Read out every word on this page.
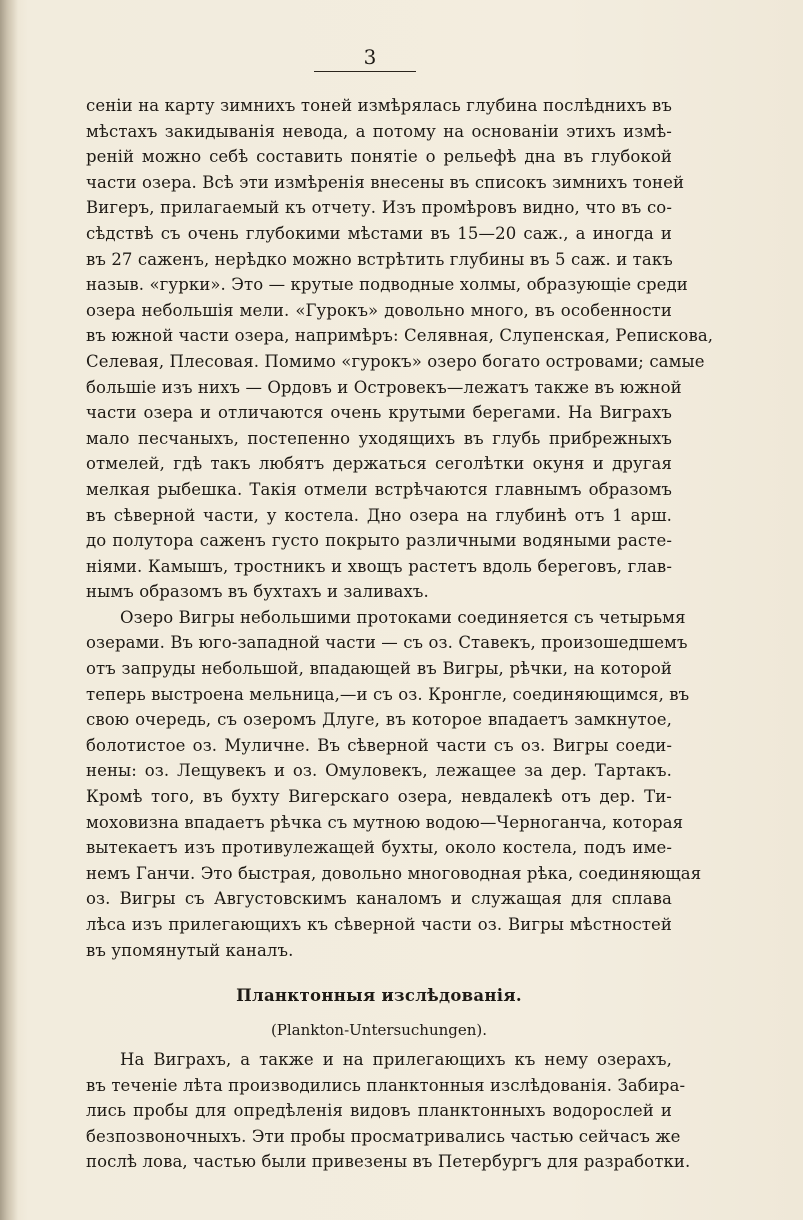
3
сеніи на карту зимнихъ тоней измѣрялась глубина послѣднихъ въ
мѣстахъ закидыванія невода, а потому на основаніи этихъ измѣ-
реній можно себѣ составить понятіе о рельефѣ дна въ глубокой
части озера. Всѣ эти измѣренія внесены въ списокъ зимнихъ тоней
Вигеръ, прилагаемый къ отчету. Изъ промѣровъ видно, что въ со-
сѣдствѣ съ очень глубокими мѣстами въ 15—20 саж., а иногда и
въ 27 саженъ, нерѣдко можно встрѣтить глубины въ 5 саж. и такъ
назыв. «гурки». Это — крутые подводные холмы, образующіе среди
озера небольшія мели. «Гурокъ» довольно много, въ особенности
въ южной части озера, напримѣръ: Селявная, Слупенская, Репискова,
Селевая, Плесовая. Помимо «гурокъ» озеро богато островами; самые
большіе изъ нихъ — Ордовъ и Островекъ—лежатъ также въ южной
части озера и отличаются очень крутыми берегами. На Виграхъ
мало песчаныхъ, постепенно уходящихъ въ глубь прибрежныхъ
отмелей, гдѣ такъ любятъ держаться сеголѣтки окуня и другая
мелкая рыбешка. Такія отмели встрѣчаются главнымъ образомъ
въ сѣверной части, у костела. Дно озера на глубинѣ отъ 1 арш.
до полутора саженъ густо покрыто различными водяными расте-
ніями. Камышъ, тростникъ и хвощъ растетъ вдоль береговъ, глав-
нымъ образомъ въ бухтахъ и заливахъ.
Озеро Вигры небольшими протоками соединяется съ четырьмя
озерами. Въ юго-западной части — съ оз. Ставекъ, произошедшемъ
отъ запруды небольшой, впадающей въ Вигры, рѣчки, на которой
теперь выстроена мельница,—и съ оз. Кронгле, соединяющимся, въ
свою очередь, съ озеромъ Длуге, въ которое впадаетъ замкнутое,
болотистое оз. Муличне. Въ сѣверной части съ оз. Вигры соеди-
нены: оз. Лещувекъ и оз. Омуловекъ, лежащее за дер. Тартакъ.
Кромѣ того, въ бухту Вигерскаго озера, невдалекѣ отъ дер. Ти-
моховизна впадаетъ рѣчка съ мутною водою—Черноганча, которая
вытекаетъ изъ противулежащей бухты, около костела, подъ име-
немъ Ганчи. Это быстрая, довольно многоводная рѣка, соединяющая
оз. Вигры съ Августовскимъ каналомъ и служащая для сплава
лѣса изъ прилегающихъ къ сѣверной части оз. Вигры мѣстностей
въ упомянутый каналъ.
Планктонныя изслѣдованія.
(Plankton-Untersuchungen).
На Виграхъ, а также и на прилегающихъ къ нему озерахъ,
въ теченіе лѣта производились планктонныя изслѣдованія. Забира-
лись пробы для опредѣленія видовъ планктонныхъ водорослей и
безпозвоночныхъ. Эти пробы просматривались частью сейчасъ же
послѣ лова, частью были привезены въ Петербургъ для разработки.
